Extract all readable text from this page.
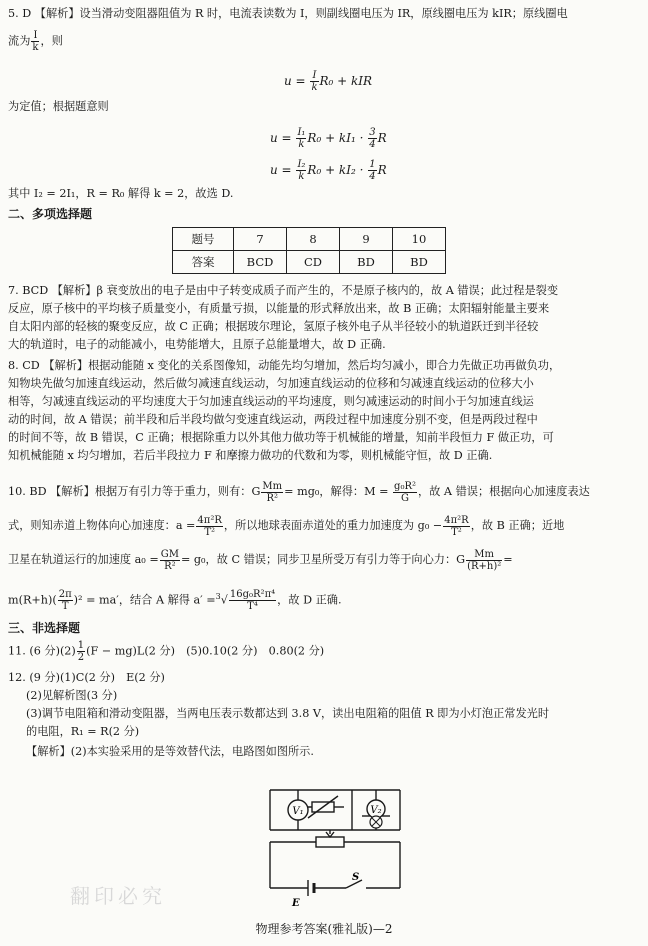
5. D 【解析】设当滑动变阻器阻值为 R 时，电流表读数为 I，则副线圈电压为 IR，原线圈电压为 kIR；原线圈电
流为 $\frac{I}{k}$ ，则
$u = \frac{I}{k} R_0$ + kIR
为定值；根据题意则
$u = \frac{\text{I₁}}{k} R_0 + kI_1 \cdot \frac{3}{4}$ R
$u = \frac{\text{I₂}}{k} R_0 + kI_2 \cdot \frac{1}{4}$ R
其中 I₂ = 2I₁，R = R₀ 解得 k = 2，故选 D.
二、多项选择题
题号	7	8	9	10
答案	BCD	CD	BD	BD
7. BCD 【解析】β 衰变放出的电子是由中子转变成质子而产生的，不是原子核内的，故 A 错误；此过程是裂变
反应，原子核中的平均核子质量变小，有质量亏损，以能量的形式释放出来，故 B 正确；太阳辐射能量主要来
自太阳内部的轻核的聚变反应，故 C 正确；根据玻尔理论，氢原子核外电子从半径较小的轨道跃迁到半径较
大的轨道时，电子的动能减小，电势能增大，且原子总能量增大，故 D 正确.
8. CD 【解析】根据动能随 x 变化的关系图像知，动能先均匀增加，然后均匀减小，即合力先做正功再做负功，
知物块先做匀加速直线运动，然后做匀减速直线运动，匀加速直线运动的位移和匀减速直线运动的位移大小
相等，匀减速直线运动的平均速度大于匀加速直线运动的平均速度，则匀减速运动的时间小于匀加速直线运
动的时间，故 A 错误；前半段和后半段均做匀变速直线运动，两段过程中加速度分别不变，但是两段过程中
的时间不等，故 B 错误，C 正确；根据除重力以外其他力做功等于机械能的增量，知前半段恒力 F 做正功，可
知机械能随 x 均匀增加，若后半段拉力 F 和摩擦力做功的代数和为零，则机械能守恒，故 D 正确.
10. BD 【解析】根据万有引力等于重力，则有：G $\frac{Mm}{\text{R²}} = mg_0$，解得：$M = \frac{\text{g₀R²}}{G}$ ，故 A 错误；根据向心加速度表达
式，则知赤道上物体向心加速度：$a = \frac{\text{4π²R}}{\text{T²}}$ ，所以地球表面赤道处的重力加速度为 $g_0 - \frac{\text{4π²R}}{\text{T²}}$ ，故 B 正确；近地
卫星在轨道运行的加速度 $a_0 = \frac{GM}{\text{R²}} = g_0$，故 C 错误；同步卫星所受万有引力等于向心力：G $\frac{Mm}{\text{(R+h)²}}$ =
$m(R+h)( \frac{2\pi}{T} )^2 = ma'$，结合 A 解得 $a' =^3√ \frac{\text{16g₀R²π⁴}}{\text{T⁴}}$ ，故 D 正确.
三、非选择题
11. (6 分)$(2) \frac{1}{2} (F - mg)L(2$ 分)　(5)0.10(2 分)　0.80(2 分)
12. (9 分)(1)C(2 分)　E(2 分)
(2)见解析图(3 分)
(3)调节电阻箱和滑动变阻器，当两电压表示数都达到 3.8 V，读出电阻箱的阻值 R 即为小灯泡正常发光时
的电阻，R₁ = R(2 分)
【解析】(2)本实验采用的是等效替代法，电路图如图所示.
V₁	V₂
E
S
翻印必究
物理参考答案(雅礼版)—2
